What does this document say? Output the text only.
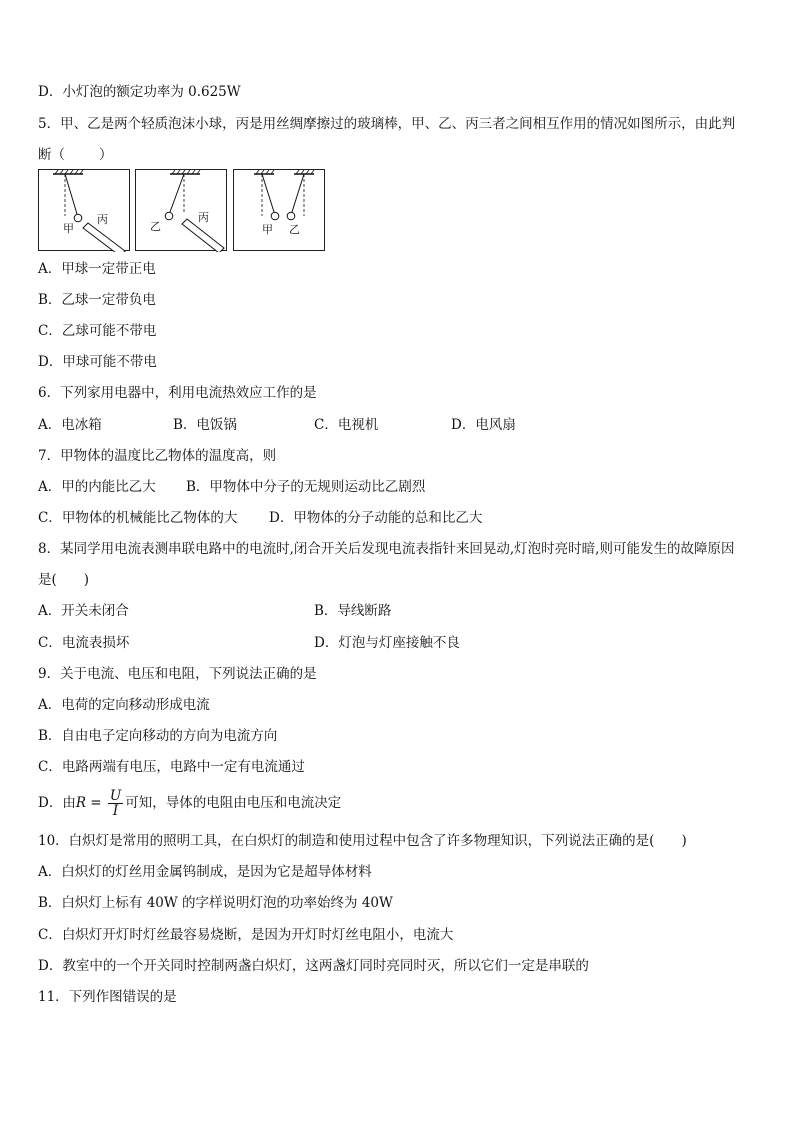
D．小灯泡的额定功率为 0.625W
5．甲、乙是两个轻质泡沫小球，丙是用丝绸摩擦过的玻璃棒，甲、乙、丙三者之间相互作用的情况如图所示，由此判
断（	）
甲
丙
乙
丙
甲 乙
A．甲球一定带正电
B．乙球一定带负电
C．乙球可能不带电
D．甲球可能不带电
6．下列家用电器中，利用电流热效应工作的是
A．电冰箱	B．电饭锅	C．电视机	D．电风扇
7．甲物体的温度比乙物体的温度高，则
A．甲的内能比乙大 B．甲物体中分子的无规则运动比乙剧烈
C．甲物体的机械能比乙物体的大 D．甲物体的分子动能的总和比乙大
8．某同学用电流表测串联电路中的电流时,闭合开关后发现电流表指针来回晃动,灯泡时亮时暗,则可能发生的故障原因
是(　　)
A．开关未闭合	B．导线断路
C．电流表损坏	D．灯泡与灯座接触不良
9．关于电流、电压和电阻，下列说法正确的是
A．电荷的定向移动形成电流
B．自由电子定向移动的方向为电流方向
C．电路两端有电压，电路中一定有电流通过
D．由$R = \frac{U}{I}$ 可知，导体的电阻由电压和电流决定
10．白炽灯是常用的照明工具，在白炽灯的制造和使用过程中包含了许多物理知识，下列说法正确的是(　　)
A．白炽灯的灯丝用金属钨制成，是因为它是超导体材料
B．白炽灯上标有 40W 的字样说明灯泡的功率始终为 40W
C．白炽灯开灯时灯丝最容易烧断，是因为开灯时灯丝电阻小，电流大
D．教室中的一个开关同时控制两盏白炽灯，这两盏灯同时亮同时灭，所以它们一定是串联的
11．下列作图错误的是
